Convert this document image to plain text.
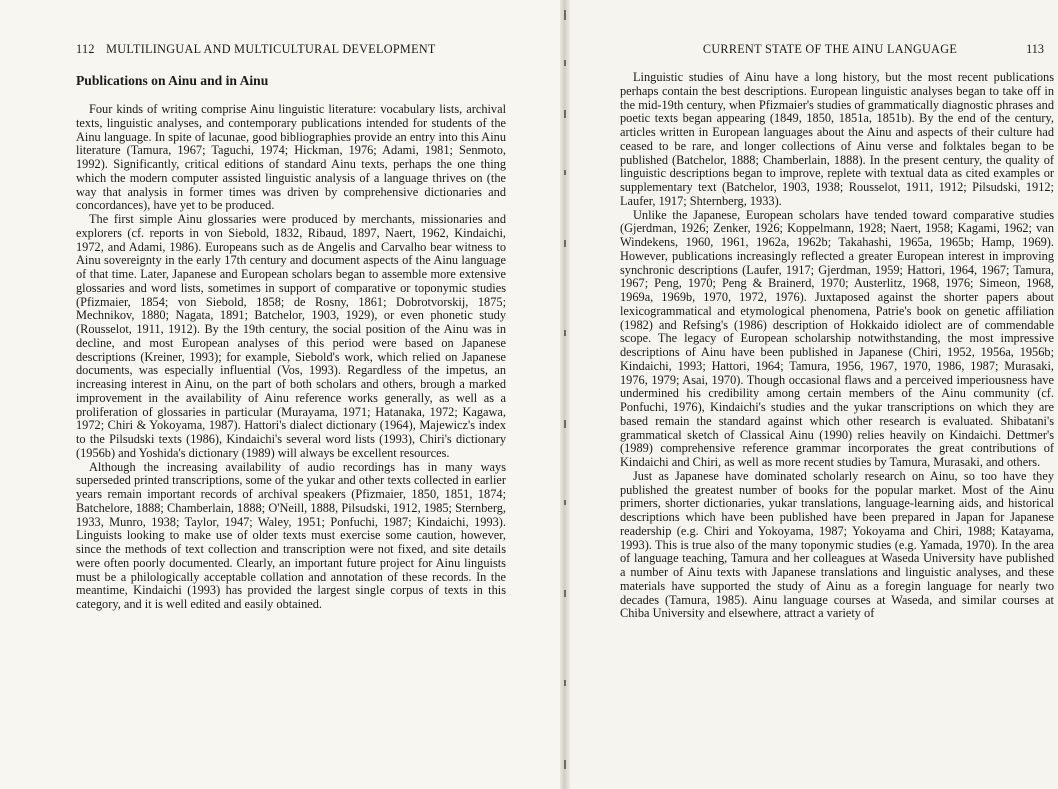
112 MULTILINGUAL AND MULTICULTURAL DEVELOPMENT
Publications on Ainu and in Ainu

Four kinds of writing comprise Ainu linguistic literature: vocabulary lists, archival texts, linguistic analyses, and contemporary publications intended for students of the Ainu language. In spite of lacunae, good bibliographies provide an entry into this Ainu literature (Tamura, 1967; Taguchi, 1974; Hickman, 1976; Adami, 1981; Senmoto, 1992). Significantly, critical editions of standard Ainu texts, perhaps the one thing which the modern computer assisted linguistic analysis of a language thrives on (the way that analysis in former times was driven by comprehensive dictionaries and concordances), have yet to be produced.

The first simple Ainu glossaries were produced by merchants, missionaries and explorers (cf. reports in von Siebold, 1832, Ribaud, 1897, Naert, 1962, Kindaichi, 1972, and Adami, 1986). Europeans such as de Angelis and Carvalho bear witness to Ainu sovereignty in the early 17th century and document aspects of the Ainu language of that time. Later, Japanese and European scholars began to assemble more extensive glossaries and word lists, sometimes in support of comparative or toponymic studies (Pfizmaier, 1854; von Siebold, 1858; de Rosny, 1861; Dobrotvorskij, 1875; Mechnikov, 1880; Nagata, 1891; Batchelor, 1903, 1929), or even phonetic study (Rousselot, 1911, 1912). By the 19th century, the social position of the Ainu was in decline, and most European analyses of this period were based on Japanese descriptions (Kreiner, 1993); for example, Siebold's work, which relied on Japanese documents, was especially influential (Vos, 1993). Regardless of the impetus, an increasing interest in Ainu, on the part of both scholars and others, brough a marked improvement in the availability of Ainu reference works generally, as well as a proliferation of glossaries in particular (Murayama, 1971; Hatanaka, 1972; Kagawa, 1972; Chiri & Yokoyama, 1987). Hattori's dialect dictionary (1964), Majewicz's index to the Pilsudski texts (1986), Kindaichi's several word lists (1993), Chiri's dictionary (1956b) and Yoshida's dictionary (1989) will always be excellent resources.

Although the increasing availability of audio recordings has in many ways superseded printed transcriptions, some of the yukar and other texts collected in earlier years remain important records of archival speakers (Pfizmaier, 1850, 1851, 1874; Batchelore, 1888; Chamberlain, 1888; O'Neill, 1888, Pilsudski, 1912, 1985; Sternberg, 1933, Munro, 1938; Taylor, 1947; Waley, 1951; Ponfuchi, 1987; Kindaichi, 1993). Linguists looking to make use of older texts must exercise some caution, however, since the methods of text collection and transcription were not fixed, and site details were often poorly documented. Clearly, an important future project for Ainu linguists must be a philologically acceptable collation and annotation of these records. In the meantime, Kindaichi (1993) has provided the largest single corpus of texts in this category, and it is well edited and easily obtained.

CURRENT STATE OF THE AINU LANGUAGE	113

Linguistic studies of Ainu have a long history, but the most recent publications perhaps contain the best descriptions. European linguistic analyses began to take off in the mid-19th century, when Pfizmaier's studies of grammatically diagnostic phrases and poetic texts began appearing (1849, 1850, 1851a, 1851b). By the end of the century, articles written in European languages about the Ainu and aspects of their culture had ceased to be rare, and longer collections of Ainu verse and folktales began to be published (Batchelor, 1888; Chamberlain, 1888). In the present century, the quality of linguistic descriptions began to improve, replete with textual data as cited examples or supplementary text (Batchelor, 1903, 1938; Rousselot, 1911, 1912; Pilsudski, 1912; Laufer, 1917; Shternberg, 1933).

Unlike the Japanese, European scholars have tended toward comparative studies (Gjerdman, 1926; Zenker, 1926; Koppelmann, 1928; Naert, 1958; Kagami, 1962; van Windekens, 1960, 1961, 1962a, 1962b; Takahashi, 1965a, 1965b; Hamp, 1969). However, publications increasingly reflected a greater European interest in improving synchronic descriptions (Laufer, 1917; Gjerdman, 1959; Hattori, 1964, 1967; Tamura, 1967; Peng, 1970; Peng & Brainerd, 1970; Austerlitz, 1968, 1976; Simeon, 1968, 1969a, 1969b, 1970, 1972, 1976). Juxtaposed against the shorter papers about lexicogrammatical and etymological phenomena, Patrie's book on genetic affiliation (1982) and Refsing's (1986) description of Hokkaido idiolect are of commendable scope. The legacy of European scholarship notwithstanding, the most impressive descriptions of Ainu have been published in Japanese (Chiri, 1952, 1956a, 1956b; Kindaichi, 1993; Hattori, 1964; Tamura, 1956, 1967, 1970, 1986, 1987; Murasaki, 1976, 1979; Asai, 1970). Though occasional flaws and a perceived imperiousness have undermined his credibility among certain members of the Ainu community (cf. Ponfuchi, 1976), Kindaichi's studies and the yukar transcriptions on which they are based remain the standard against which other research is evaluated. Shibatani's grammatical sketch of Classical Ainu (1990) relies heavily on Kindaichi. Dettmer's (1989) comprehensive reference grammar incorporates the great contributions of Kindaichi and Chiri, as well as more recent studies by Tamura, Murasaki, and others.

Just as Japanese have dominated scholarly research on Ainu, so too have they published the greatest number of books for the popular market. Most of the Ainu primers, shorter dictionaries, yukar translations, language-learning aids, and historical descriptions which have been published have been prepared in Japan for Japanese readership (e.g. Chiri and Yokoyama, 1987; Yokoyama and Chiri, 1988; Katayama, 1993). This is true also of the many toponymic studies (e.g. Yamada, 1970). In the area of language teaching, Tamura and her colleagues at Waseda University have published a number of Ainu texts with Japanese translations and linguistic analyses, and these materials have supported the study of Ainu as a foregin language for nearly two decades (Tamura, 1985). Ainu language courses at Waseda, and similar courses at Chiba University and elsewhere, attract a variety of
